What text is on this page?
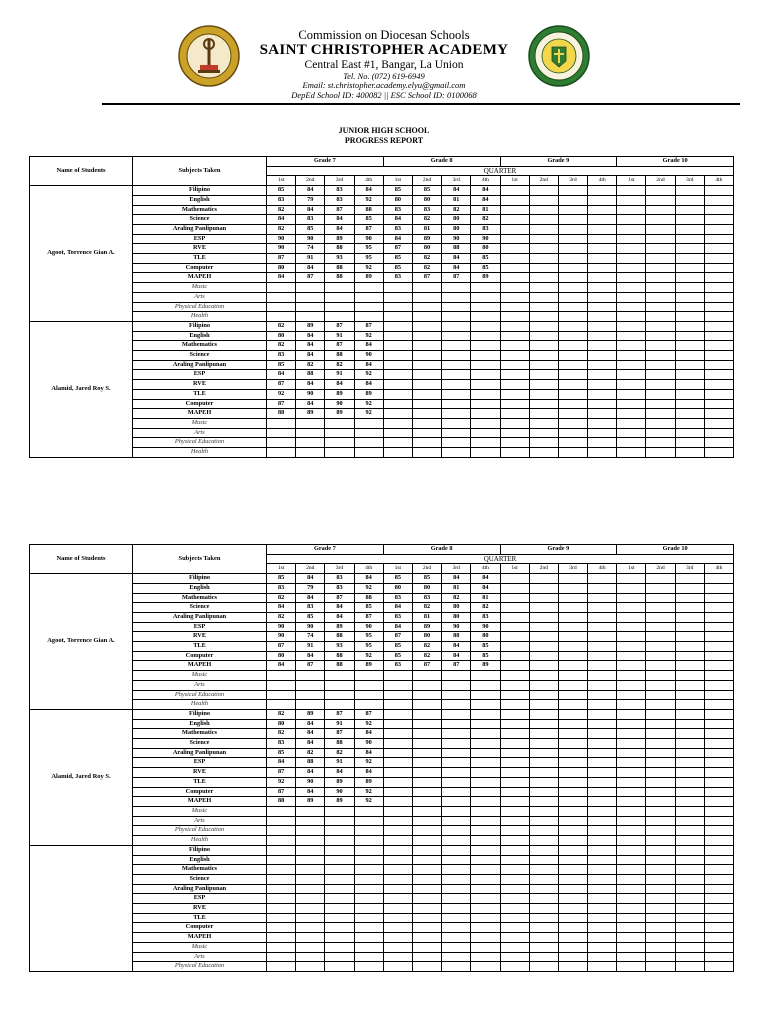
Commission on Diocesan Schools
SAINT CHRISTOPHER ACADEMY
Central East #1, Bangar, La Union
Tel. No. (072) 619-6949
Email: st.christopher.academy.elyu@gmail.com
DepEd School ID: 400082 || ESC School ID: 0100068
JUNIOR HIGH SCHOOL
PROGRESS REPORT
Name of Students	Subjects Taken	Grade 7				Grade 8				Grade 9				Grade 10			
		QUARTER															
		1st	2nd	3rd	4th	1st	2nd	3rd	4th	1st	2nd	3rd	4th	1st	2nd	3rd	4th
Agoot, Torrence Gian A.	Filipino	85	84	83	84	85	85	84	84								
	English	83	79	83	92	80	80	81	84								
	Mathematics	82	84	87	88	83	83	82	81								
	Science	84	83	84	85	84	82	80	82								
	Araling Panlipunan	82	85	84	87	83	81	80	83								
	ESP	90	90	89	90	84	89	90	90								
	RVE	90	74	88	95	87	80	88	80								
	TLE	87	91	93	95	85	82	84	85								
	Computer	80	84	88	92	85	82	84	85								
	MAPEH	84	87	88	89	83	87	87	89								
	Music																
	Arts																
	Physical Education																
	Health																
Alamid, Jared Roy S.	Filipino	82	89	87	87												
	English	80	84	91	92												
	Mathematics	82	84	87	84												
	Science	83	84	88	90												
	Araling Panlipunan	85	82	82	84												
	ESP	84	88	91	92												
	RVE	87	84	84	84												
	TLE	92	90	89	89												
	Computer	87	84	90	92												
	MAPEH	88	89	89	92												
	Music																
	Arts																
	Physical Education																
	Health																
Name of Students	Subjects Taken	Grade 7				Grade 8				Grade 9				Grade 10			
		QUARTER															
		1st	2nd	3rd	4th	1st	2nd	3rd	4th	1st	2nd	3rd	4th	1st	2nd	3rd	4th
Agoot, Torrence Gian A.	Filipino	85	84	83	84	85	85	84	84								
	English	83	79	83	92	80	80	81	84								
	Mathematics	82	84	87	88	83	83	82	81								
	Science	84	83	84	85	84	82	80	82								
	Araling Panlipunan	82	85	84	87	83	81	80	83								
	ESP	90	90	89	90	84	89	90	90								
	RVE	90	74	88	95	87	80	88	80								
	TLE	87	91	93	95	85	82	84	85								
	Computer	80	84	88	92	85	82	84	85								
	MAPEH	84	87	88	89	83	87	87	89								
	Music																
	Arts																
	Physical Education																
	Health																
Alamid, Jared Roy S.	Filipino	82	89	87	87												
	English	80	84	91	92												
	Mathematics	82	84	87	84												
	Science	83	84	88	90												
	Araling Panlipunan	85	82	82	84												
	ESP	84	88	91	92												
	RVE	87	84	84	84												
	TLE	92	90	89	89												
	Computer	87	84	90	92												
	MAPEH	88	89	89	92												
	Music																
	Arts																
	Physical Education																
	Health																
	Filipino																
	English																
	Mathematics																
	Science																
	Araling Panlipunan																
	ESP																
	RVE																
	TLE																
	Computer																
	MAPEH																
	Music																
	Arts																
	Physical Education																
